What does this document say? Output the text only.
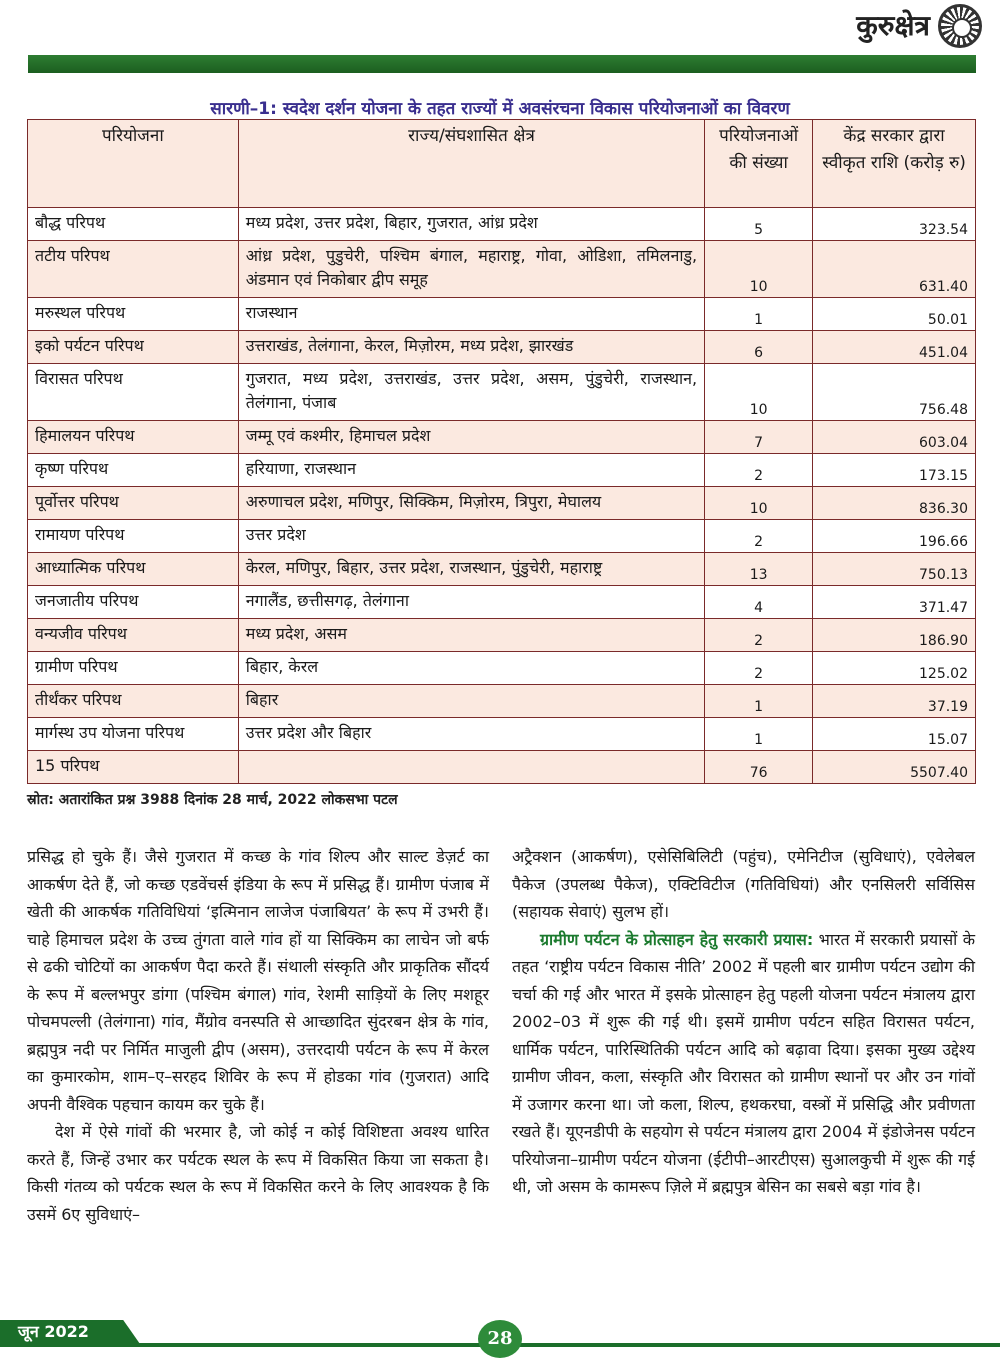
कुरुक्षेत्र
सारणी–1: स्वदेश दर्शन योजना के तहत राज्यों में अवसंरचना विकास परियोजनाओं का विवरण
परियोजना	राज्य/संघशासित क्षेत्र	परियोजनाओं की संख्या	केंद्र सरकार द्वारा स्वीकृत राशि (करोड़ रु)
बौद्ध परिपथ	मध्य प्रदेश, उत्तर प्रदेश, बिहार, गुजरात, आंध्र प्रदेश	5	323.54
तटीय परिपथ	आंध्र प्रदेश, पुडुचेरी, पश्चिम बंगाल, महाराष्ट्र, गोवा, ओडिशा, तमिलनाडु, अंडमान एवं निकोबार द्वीप समूह	10	631.40
मरुस्थल परिपथ	राजस्थान	1	50.01
इको पर्यटन परिपथ	उत्तराखंड, तेलंगाना, केरल, मिज़ोरम, मध्य प्रदेश, झारखंड	6	451.04
विरासत परिपथ	गुजरात, मध्य प्रदेश, उत्तराखंड, उत्तर प्रदेश, असम, पुंडुचेरी, राजस्थान, तेलंगाना, पंजाब	10	756.48
हिमालयन परिपथ	जम्मू एवं कश्मीर, हिमाचल प्रदेश	7	603.04
कृष्ण परिपथ	हरियाणा, राजस्थान	2	173.15
पूर्वोत्तर परिपथ	अरुणाचल प्रदेश, मणिपुर, सिक्किम, मिज़ोरम, त्रिपुरा, मेघालय	10	836.30
रामायण परिपथ	उत्तर प्रदेश	2	196.66
आध्यात्मिक परिपथ	केरल, मणिपुर, बिहार, उत्तर प्रदेश, राजस्थान, पुंडुचेरी, महाराष्ट्र	13	750.13
जनजातीय परिपथ	नगालैंड, छत्तीसगढ़, तेलंगाना	4	371.47
वन्यजीव परिपथ	मध्य प्रदेश, असम	2	186.90
ग्रामीण परिपथ	बिहार, केरल	2	125.02
तीर्थंकर परिपथ	बिहार	1	37.19
मार्गस्थ उप योजना परिपथ	उत्तर प्रदेश और बिहार	1	15.07
15 परिपथ		76	5507.40
स्रोत: अतारांकित प्रश्न 3988 दिनांक 28 मार्च, 2022 लोकसभा पटल

प्रसिद्ध हो चुके हैं। जैसे गुजरात में कच्छ के गांव शिल्प और साल्ट डेज़र्ट का आकर्षण देते हैं, जो कच्छ एडवेंचर्स इंडिया के रूप में प्रसिद्ध हैं। ग्रामीण पंजाब में खेती की आकर्षक गतिविधियां ‘इत्मिनान लाजेज पंजाबियत’ के रूप में उभरी हैं। चाहे हिमाचल प्रदेश के उच्च तुंगता वाले गांव हों या सिक्किम का लाचेन जो बर्फ से ढकी चोटियों का आकर्षण पैदा करते हैं। संथाली संस्कृति और प्राकृतिक सौंदर्य के रूप में बल्लभपुर डांगा (पश्चिम बंगाल) गांव, रेशमी साड़ियों के लिए मशहूर पोचमपल्ली (तेलंगाना) गांव, मैंग्रोव वनस्पति से आच्छादित सुंदरबन क्षेत्र के गांव, ब्रह्मपुत्र नदी पर निर्मित माजुली द्वीप (असम), उत्तरदायी पर्यटन के रूप में केरल का कुमारकोम, शाम–ए–सरहद शिविर के रूप में होडका गांव (गुजरात) आदि अपनी वैश्विक पहचान कायम कर चुके हैं।

देश में ऐसे गांवों की भरमार है, जो कोई न कोई विशिष्टता अवश्य धारित करते हैं, जिन्हें उभार कर पर्यटक स्थल के रूप में विकसित किया जा सकता है। किसी गंतव्य को पर्यटक स्थल के रूप में विकसित करने के लिए आवश्यक है कि उसमें 6ए सुविधाएं–

अट्रैक्शन (आकर्षण), एसेसिबिलिटी (पहुंच), एमेनिटीज (सुविधाएं), एवेलेबल पैकेज (उपलब्ध पैकेज), एक्टिविटीज (गतिविधियां) और एनसिलरी सर्विसिस (सहायक सेवाएं) सुलभ हों।

ग्रामीण पर्यटन के प्रोत्साहन हेतु सरकारी प्रयास: भारत में सरकारी प्रयासों के तहत ‘राष्ट्रीय पर्यटन विकास नीति’ 2002 में पहली बार ग्रामीण पर्यटन उद्योग की चर्चा की गई और भारत में इसके प्रोत्साहन हेतु पहली योजना पर्यटन मंत्रालय द्वारा 2002–03 में शुरू की गई थी। इसमें ग्रामीण पर्यटन सहित विरासत पर्यटन, धार्मिक पर्यटन, पारिस्थितिकी पर्यटन आदि को बढ़ावा दिया। इसका मुख्य उद्देश्य ग्रामीण जीवन, कला, संस्कृति और विरासत को ग्रामीण स्थानों पर और उन गांवों में उजागर करना था। जो कला, शिल्प, हथकरघा, वस्त्रों में प्रसिद्धि और प्रवीणता रखते हैं। यूएनडीपी के सहयोग से पर्यटन मंत्रालय द्वारा 2004 में इंडोजेनस पर्यटन परियोजना–ग्रामीण पर्यटन योजना (ईटीपी–आरटीएस) सुआलकुची में शुरू की गई थी, जो असम के कामरूप ज़िले में ब्रह्मपुत्र बेसिन का सबसे बड़ा गांव है।

जून 2022	28
